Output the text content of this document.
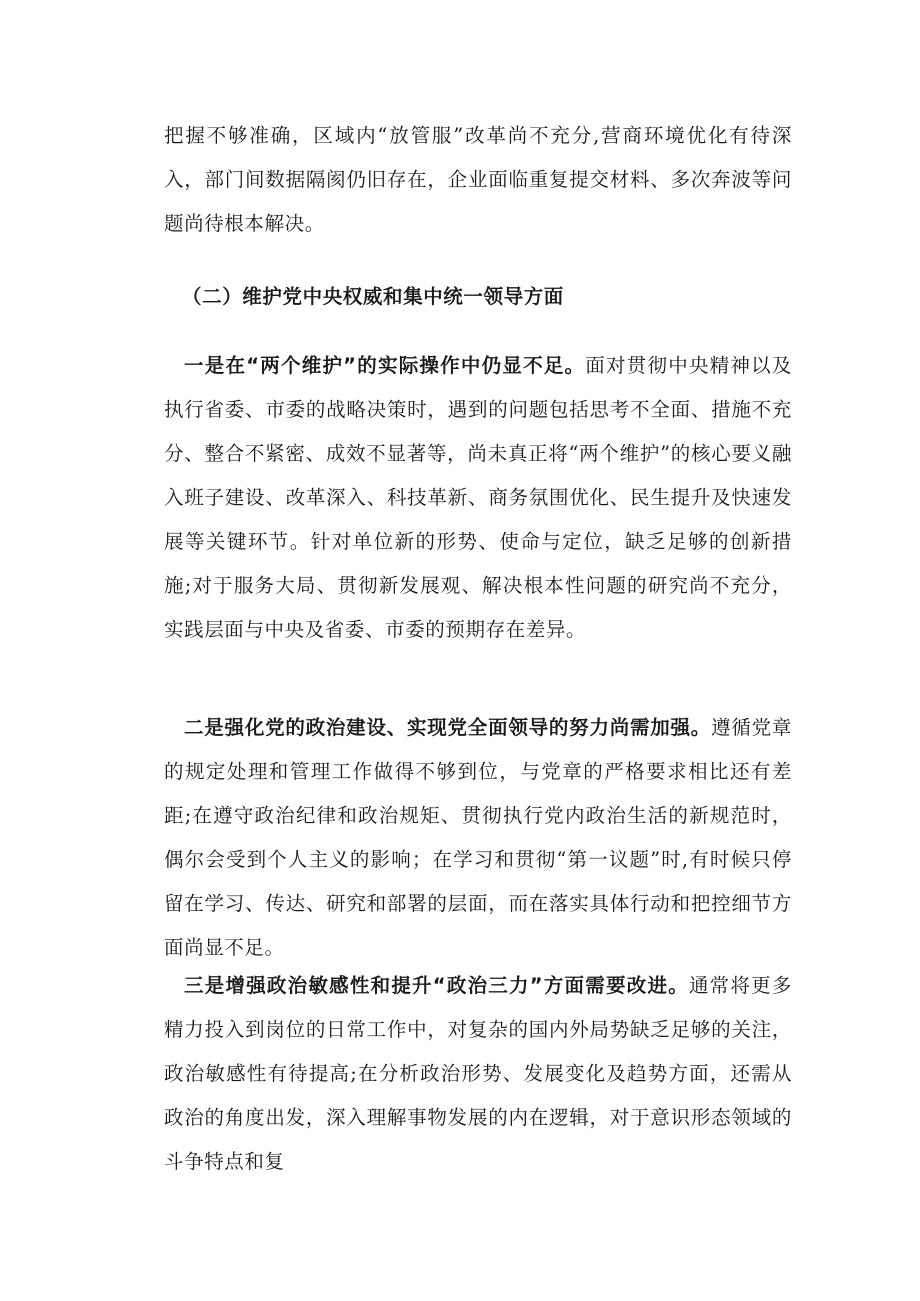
把握不够准确，区域内“放管服”改革尚不充分,营商环境优化有待深入，部门间数据隔阂仍旧存在，企业面临重复提交材料、多次奔波等问题尚待根本解决。
（二）维护党中央权威和集中统一领导方面
一是在“两个维护”的实际操作中仍显不足。面对贯彻中央精神以及执行省委、市委的战略决策时，遇到的问题包括思考不全面、措施不充分、整合不紧密、成效不显著等，尚未真正将“两个维护”的核心要义融入班子建设、改革深入、科技革新、商务氛围优化、民生提升及快速发展等关键环节。针对单位新的形势、使命与定位，缺乏足够的创新措施;对于服务大局、贯彻新发展观、解决根本性问题的研究尚不充分，实践层面与中央及省委、市委的预期存在差异。
二是强化党的政治建设、实现党全面领导的努力尚需加强。遵循党章的规定处理和管理工作做得不够到位，与党章的严格要求相比还有差距;在遵守政治纪律和政治规矩、贯彻执行党内政治生活的新规范时，偶尔会受到个人主义的影响；在学习和贯彻“第一议题”时,有时候只停留在学习、传达、研究和部署的层面，而在落实具体行动和把控细节方面尚显不足。
三是增强政治敏感性和提升“政治三力”方面需要改进。通常将更多精力投入到岗位的日常工作中，对复杂的国内外局势缺乏足够的关注，政治敏感性有待提高;在分析政治形势、发展变化及趋势方面，还需从政治的角度出发，深入理解事物发展的内在逻辑，对于意识形态领域的斗争特点和复
